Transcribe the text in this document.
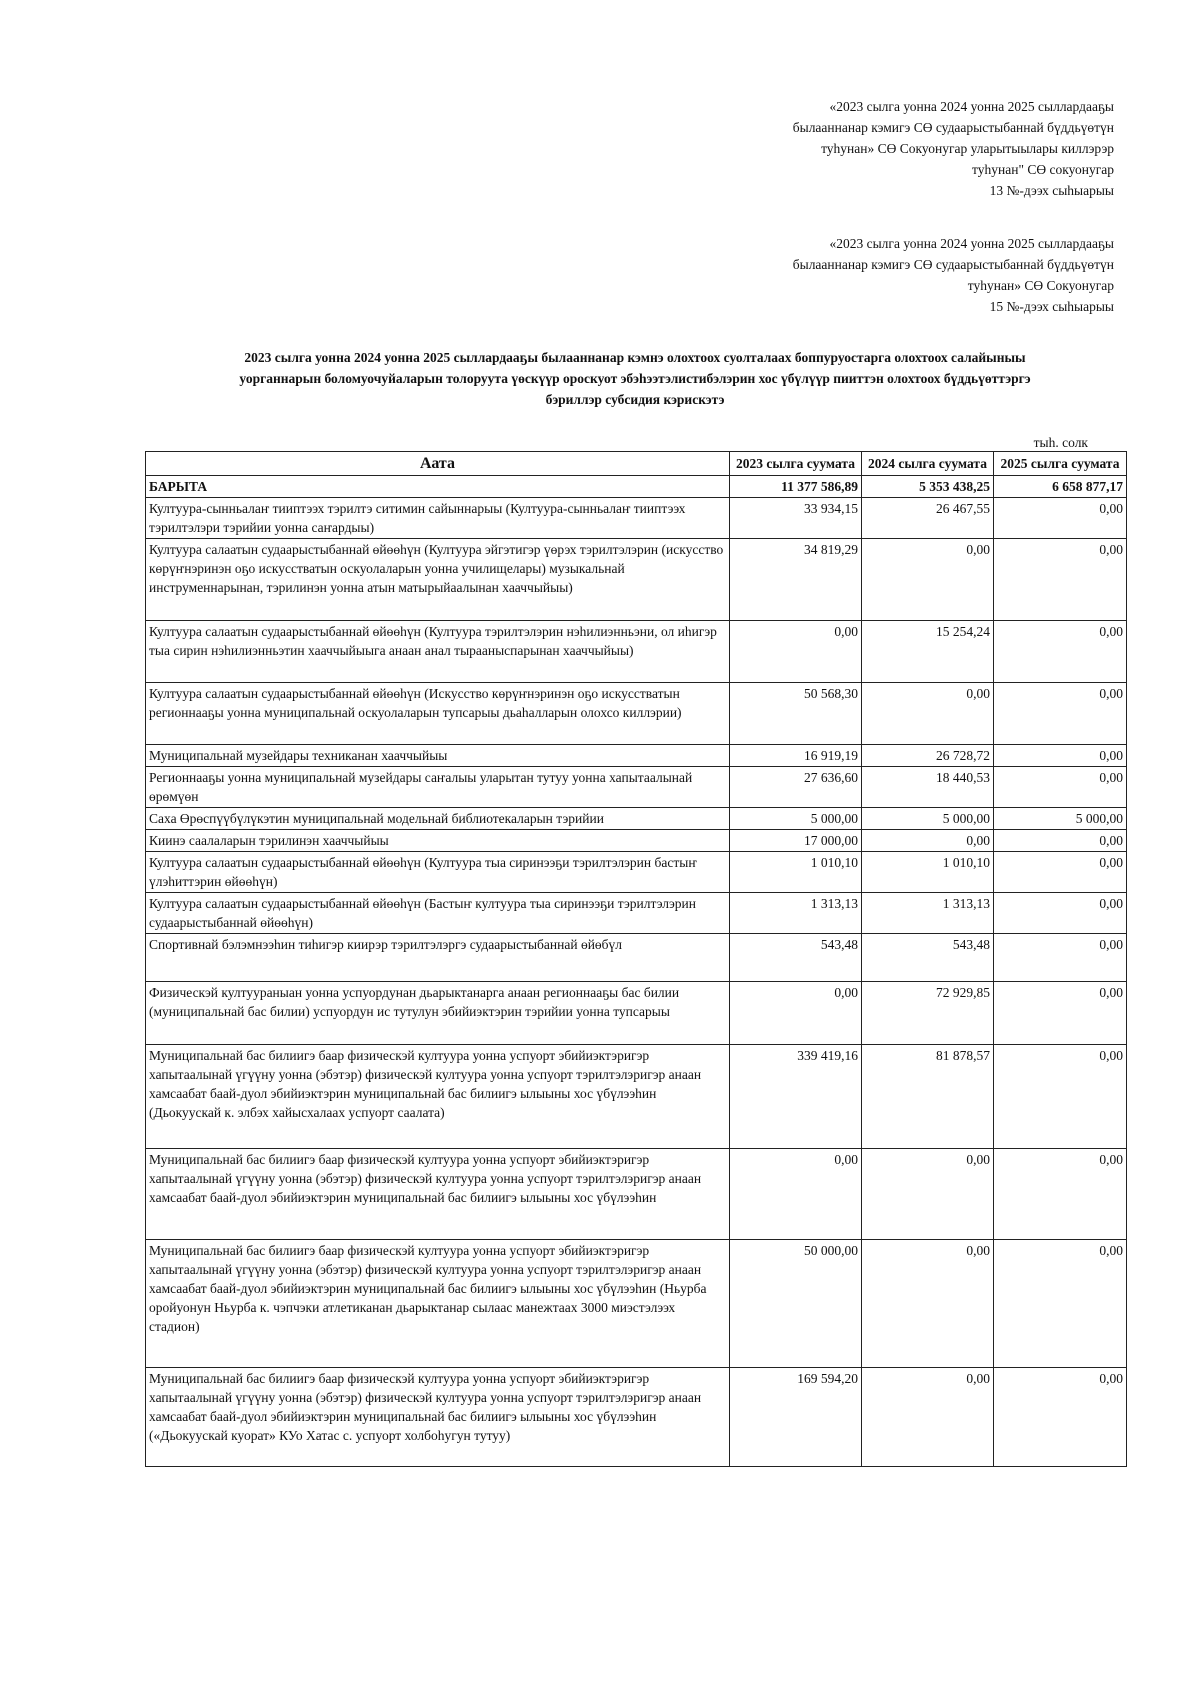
«2023 сылга уонна 2024 уонна 2025 сыллардааҕы
былааннанар кэмигэ СӨ судаарыстыбаннай бүддьүөтүн
туһунан» СӨ Сокуонугар уларытыылары киллэрэр
туһунан" СӨ сокуонугар
13 №-дээх сыһыарыы
«2023 сылга уонна 2024 уонна 2025 сыллардааҕы
былааннанар кэмигэ СӨ судаарыстыбаннай бүддьүөтүн
туһунан» СӨ Сокуонугар
15 №-дээх сыһыарыы
2023 сылга уонна 2024 уонна 2025 сыллардааҕы былааннанар кэмнэ олохтоох суолталаах боппуруостарга олохтоох салайыныы
уорганнарын боломуочуйаларын толоруута үөскүүр ороскуот эбэһээтэлистибэлэрин хос үбүлүүр пииттэн олохтоох бүддьүөттэргэ
бэриллэр субсидия кэрискэтэ
тыһ. солк
Аата	2023 сылга суумата	2024 сылга суумата	2025 сылга суумата
БАРЫТА	11 377 586,89	5 353 438,25	6 658 877,17
Култуура-сынньалаҥ тииптээх тэрилтэ ситимин сайыннарыы (Култуура-сынньалаҥ тииптээх тэрилтэлэри тэрийии уонна саҥардыы)	33 934,15	26 467,55	0,00
Култуура салаатын судаарыстыбаннай өйөөһүн (Култуура эйгэтигэр үөрэх тэрилтэлэрин (искусство көрүҥнэринэн оҕо искусстватын оскуолаларын уонна училищелары) музыкальнай инструменнарынан, тэрилинэн уонна атын матырыйаалынан хааччыйыы)	34 819,29	0,00	0,00
Култуура салаатын судаарыстыбаннай өйөөһүн (Култуура тэрилтэлэрин нэһилиэнньэни, ол иһигэр тыа сирин нэһилиэнньэтин хааччыйыыга анаан анал тырааныспарынан хааччыйыы)	0,00	15 254,24	0,00
Култуура салаатын судаарыстыбаннай өйөөһүн (Искусство көрүҥнэринэн оҕо искусстватын регионнааҕы уонна муниципальнай оскуолаларын тупсарыы дьаһалларын олохсо киллэрии)	50 568,30	0,00	0,00
Муниципальнай музейдары техниканан хааччыйыы	16 919,19	26 728,72	0,00
Регионнааҕы уонна муниципальнай музейдары саҥалыы уларытан тутуу уонна хапытаалынай өрөмүөн	27 636,60	18 440,53	0,00
Саха Өрөспүүбүлүкэтин муниципальнай модельнай библиотекаларын тэрийии	5 000,00	5 000,00	5 000,00
Киинэ саалаларын тэрилинэн хааччыйыы	17 000,00	0,00	0,00
Култуура салаатын судаарыстыбаннай өйөөһүн (Култуура тыа сиринээҕи тэрилтэлэрин бастыҥ үлэһиттэрин өйөөһүн)	1 010,10	1 010,10	0,00
Култуура салаатын судаарыстыбаннай өйөөһүн (Бастыҥ култуура тыа сиринээҕи тэрилтэлэрин судаарыстыбаннай өйөөһүн)	1 313,13	1 313,13	0,00
Спортивнай бэлэмнээһин тиһигэр киирэр тэрилтэлэргэ судаарыстыбаннай өйөбүл	543,48	543,48	0,00
Физическэй култуураныан уонна успуордунан дьарыктанарга анаан регионнааҕы бас билии (муниципальнай бас билии) успуордун ис тутулун эбийиэктэрин тэрийии уонна тупсарыы	0,00	72 929,85	0,00
Муниципальнай бас билиигэ баар физическэй култуура уонна успуорт эбийиэктэригэр хапытаалынай үгүүну уонна (эбэтэр) физическэй култуура уонна успуорт тэрилтэлэригэр анаан хамсаабат баай-дуол эбийиэктэрин муниципальнай бас билиигэ ылыыны хос үбүлээһин (Дьокуускай к. элбэх хайысхалаах успуорт саалата)	339 419,16	81 878,57	0,00
Муниципальнай бас билиигэ баар физическэй култуура уонна успуорт эбийиэктэригэр хапытаалынай үгүүну уонна (эбэтэр) физическэй култуура уонна успуорт тэрилтэлэригэр анаан хамсаабат баай-дуол эбийиэктэрин муниципальнай бас билиигэ ылыыны хос үбүлээһин	0,00	0,00	0,00
Муниципальнай бас билиигэ баар физическэй култуура уонна успуорт эбийиэктэригэр хапытаалынай үгүүну уонна (эбэтэр) физическэй култуура уонна успуорт тэрилтэлэригэр анаан хамсаабат баай-дуол эбийиэктэрин муниципальнай бас билиигэ ылыыны хос үбүлээһин (Ньурба оройуонун Ньурба к. чэпчэки атлетиканан дьарыктанар сылаас манежтаах 3000 миэстэлээх стадион)	50 000,00	0,00	0,00
Муниципальнай бас билиигэ баар физическэй култуура уонна успуорт эбийиэктэригэр хапытаалынай үгүүну уонна (эбэтэр) физическэй култуура уонна успуорт тэрилтэлэригэр анаан хамсаабат баай-дуол эбийиэктэрин муниципальнай бас билиигэ ылыыны хос үбүлээһин («Дьокуускай куорат» КУо Хатас с. успуорт холбоһугун тутуу)	169 594,20	0,00	0,00
